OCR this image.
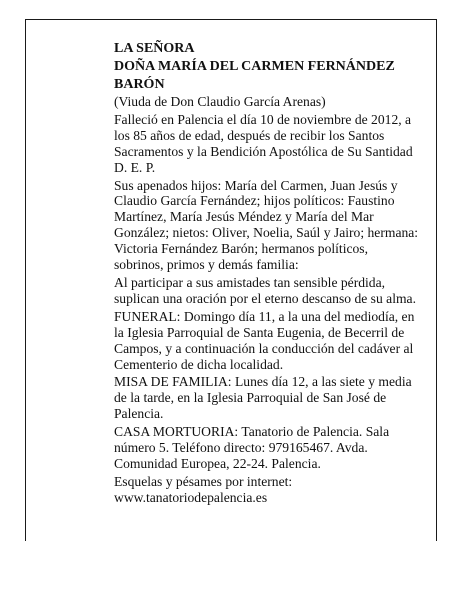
LA SEÑORA
DOÑA MARÍA DEL CARMEN FERNÁNDEZ
BARÓN
(Viuda de Don Claudio García Arenas)
Falleció en Palencia el día 10 de noviembre de 2012, a
los 85 años de edad, después de recibir los Santos
Sacramentos y la Bendición Apostólica de Su Santidad
D. E. P.
Sus apenados hijos: María del Carmen, Juan Jesús y
Claudio García Fernández; hijos políticos: Faustino
Martínez, María Jesús Méndez y María del Mar
González; nietos: Oliver, Noelia, Saúl y Jairo; hermana:
Victoria Fernández Barón; hermanos políticos,
sobrinos, primos y demás familia:
Al participar a sus amistades tan sensible pérdida,
suplican una oración por el eterno descanso de su alma.
FUNERAL: Domingo día 11, a la una del mediodía, en
la Iglesia Parroquial de Santa Eugenia, de Becerril de
Campos, y a continuación la conducción del cadáver al
Cementerio de dicha localidad.
MISA DE FAMILIA: Lunes día 12, a las siete y media
de la tarde, en la Iglesia Parroquial de San José de
Palencia.
CASA MORTUORIA: Tanatorio de Palencia. Sala
número 5. Teléfono directo: 979165467. Avda.
Comunidad Europea, 22-24. Palencia.
Esquelas y pésames por internet:
www.tanatoriodepalencia.es
